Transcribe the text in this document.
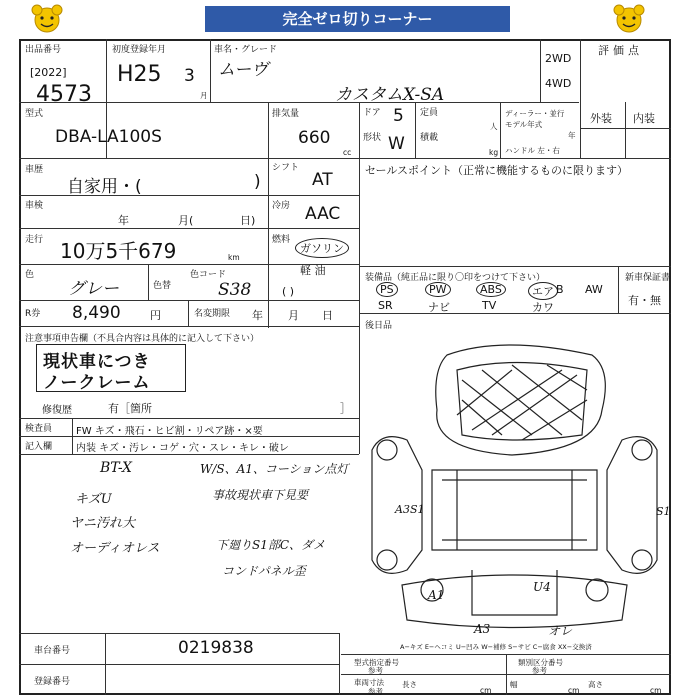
完全ゼロ切りコーナー
出品番号
[2022]
4573
初度登録年月
H25 3
月
車名・グレード
ムーヴ
カスタムX-SA
2WD
4WD
評価点
型式
DBA-LA100S
排気量
660
cc
ドア 5
形状 W
定員
人
積載
kg
ディーラー・並行
モデル年式
年
ハンドル 左・右
外装 内装
車歴
自家用・(	)
シフト
AT	セールスポイント（正常に機能するものに限ります）
車検
年	月(	日)
冷房 AAC
走行 10万5千679	km
燃料
ガソリン
軽 油
( )
色
グレー	色替
色コード
S38
装備品（純正品に限り〇印をつけて下さい）
PS	PW	ABS	エア B AW
SR	ナビ	TV	カワ
新車保証書
有・無
後日品
R券 8,490	円	名変期限 年 月 日
注意事項申告欄（不具合内容は具体的に記入して下さい）
現状車につき
ノークレーム
修復歴	有［箇所	］
検査員
記入欄
FW キズ・飛石・ヒビ割・リペア跡・×要
内装 キズ・汚レ・コゲ・穴・スレ・キレ・破レ
BT-X
キズU
ヤニ汚れ大
オーディオレス
W/S、A1、コーション点灯
事故現状車下見要
下廻りS1部C、ダメ
コンドパネル歪
A3S1	S1
A1
U4
A3	オレ
A−キズ E−ヘコミ U−凹み W−補修 S−サビ C−腐食 XX−交換済
車台番号	0219838
登録番号
型式指定番号
参考
類別区分番号
参考
車両寸法
参考
長さ
cm
幅
cm
高さ
cm
